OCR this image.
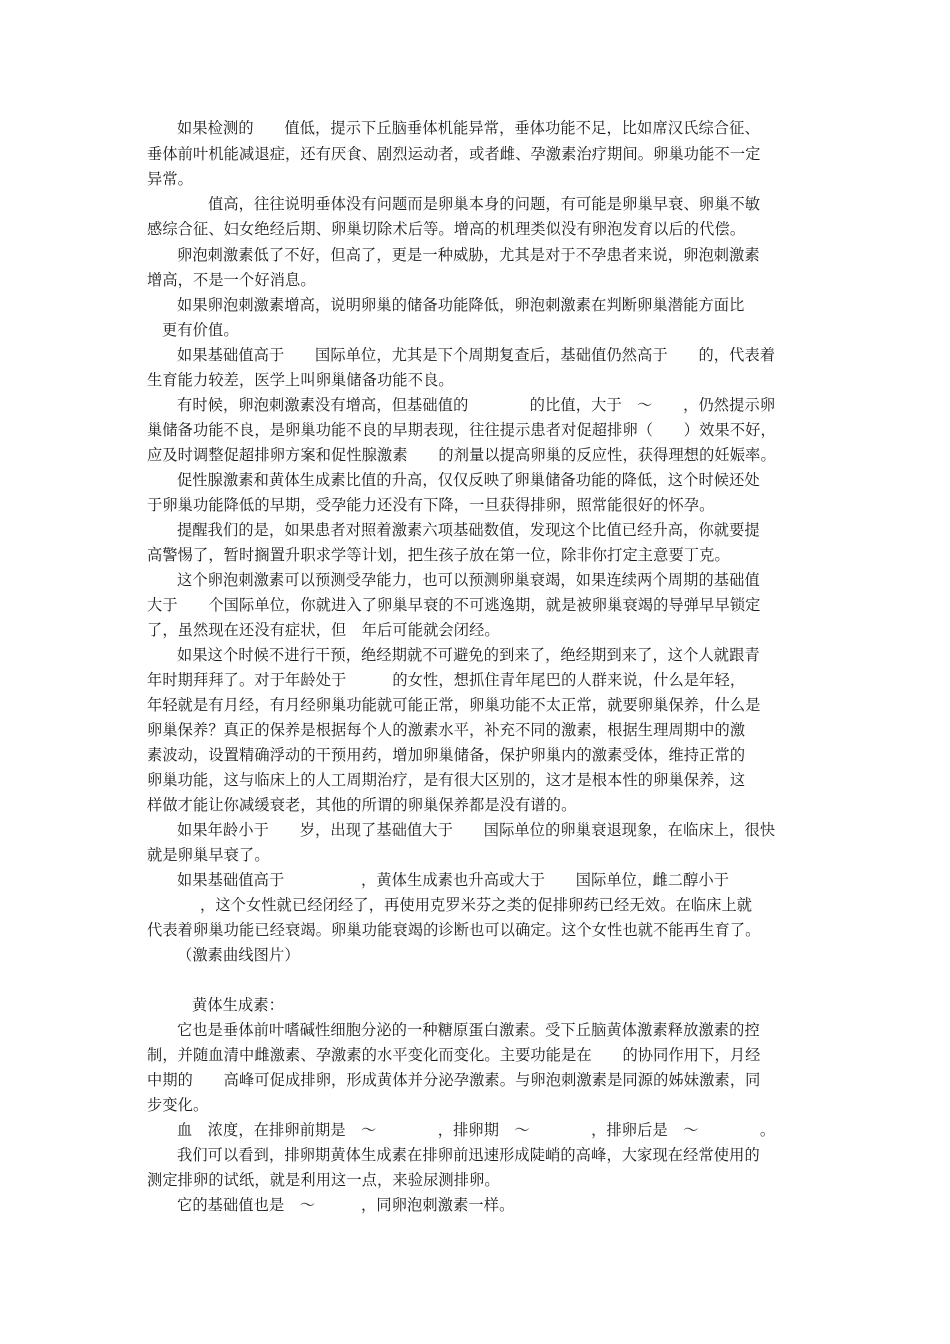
如果检测的　　值低，提示下丘脑垂体机能异常，垂体功能不足，比如席汉氏综合征、
垂体前叶机能减退症，还有厌食、剧烈运动者，或者雌、孕激素治疗期间。卵巢功能不一定
异常。
值高，往往说明垂体没有问题而是卵巢本身的问题，有可能是卵巢早衰、卵巢不敏
感综合征、妇女绝经后期、卵巢切除术后等。增高的机理类似没有卵泡发育以后的代偿。
卵泡刺激素低了不好，但高了，更是一种威胁，尤其是对于不孕患者来说，卵泡刺激素
增高，不是一个好消息。
如果卵泡刺激素增高，说明卵巢的储备功能降低，卵泡刺激素在判断卵巢潜能方面比
更有价值。
如果基础值高于　　国际单位，尤其是下个周期复查后，基础值仍然高于　　的，代表着
生育能力较差，医学上叫卵巢储备功能不良。
有时候，卵泡刺激素没有增高，但基础值的　　　　的比值，大于　～　　，仍然提示卵
巢储备功能不良，是卵巢功能不良的早期表现，往往提示患者对促超排卵（　　）效果不好，
应及时调整促超排卵方案和促性腺激素　　的剂量以提高卵巢的反应性，获得理想的妊娠率。
促性腺激素和黄体生成素比值的升高，仅仅反映了卵巢储备功能的降低，这个时候还处
于卵巢功能降低的早期，受孕能力还没有下降，一旦获得排卵，照常能很好的怀孕。
提醒我们的是，如果患者对照着激素六项基础数值，发现这个比值已经升高，你就要提
高警惕了，暂时搁置升职求学等计划，把生孩子放在第一位，除非你打定主意要丁克。
这个卵泡刺激素可以预测受孕能力，也可以预测卵巢衰竭，如果连续两个周期的基础值
大于　　个国际单位，你就进入了卵巢早衰的不可逃逸期，就是被卵巢衰竭的导弹早早锁定
了，虽然现在还没有症状，但　年后可能就会闭经。
如果这个时候不进行干预，绝经期就不可避免的到来了，绝经期到来了，这个人就跟青
年时期拜拜了。对于年龄处于　　　的女性，想抓住青年尾巴的人群来说，什么是年轻，
年轻就是有月经，有月经卵巢功能就可能正常，卵巢功能不太正常，就要卵巢保养，什么是
卵巢保养？真正的保养是根据每个人的激素水平，补充不同的激素，根据生理周期中的激
素波动，设置精确浮动的干预用药，增加卵巢储备，保护卵巢内的激素受体，维持正常的
卵巢功能，这与临床上的人工周期治疗，是有很大区别的，这才是根本性的卵巢保养，这
样做才能让你减缓衰老，其他的所谓的卵巢保养都是没有谱的。
如果年龄小于　　岁，出现了基础值大于　　国际单位的卵巢衰退现象，在临床上，很快
就是卵巢早衰了。
如果基础值高于　　　　　，黄体生成素也升高或大于　　国际单位，雌二醇小于
，这个女性就已经闭经了，再使用克罗米芬之类的促排卵药已经无效。在临床上就
代表着卵巢功能已经衰竭。卵巢功能衰竭的诊断也可以确定。这个女性也就不能再生育了。
（激素曲线图片）
黄体生成素：
它也是垂体前叶嗜碱性细胞分泌的一种糖原蛋白激素。受下丘脑黄体激素释放激素的控
制，并随血清中雌激素、孕激素的水平变化而变化。主要功能是在　　的协同作用下，月经
中期的　　高峰可促成排卵，形成黄体并分泌孕激素。与卵泡刺激素是同源的姊妹激素，同
步变化。
血　浓度，在排卵前期是　～　　　　，排卵期　～　　　　，排卵后是　～　　　　。
我们可以看到，排卵期黄体生成素在排卵前迅速形成陡峭的高峰，大家现在经常使用的
测定排卵的试纸，就是利用这一点，来验尿测排卵。
它的基础值也是　～　　　，同卵泡刺激素一样。
